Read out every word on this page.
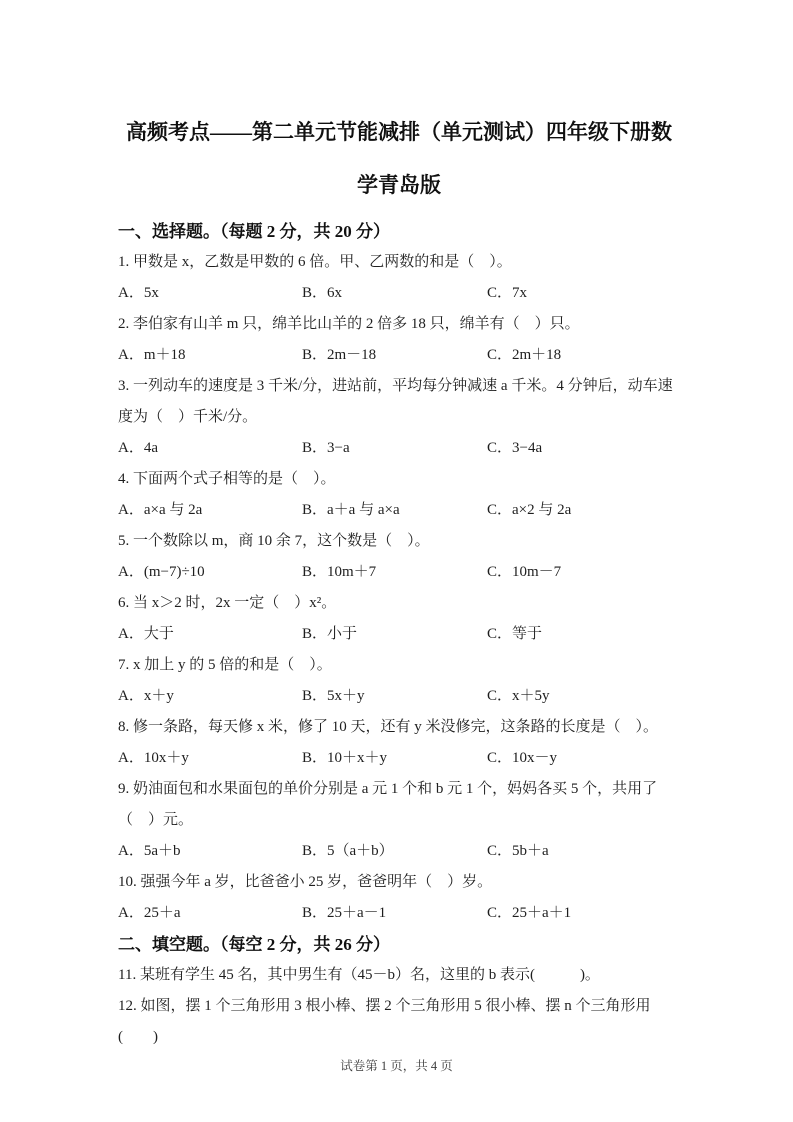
高频考点——第二单元节能减排（单元测试）四年级下册数学青岛版
一、选择题。（每题 2 分，共 20 分）
1. 甲数是 x，乙数是甲数的 6 倍。甲、乙两数的和是（　）。
A．5x	B．6x	C．7x
2. 李伯家有山羊 m 只，绵羊比山羊的 2 倍多 18 只，绵羊有（　）只。
A．m＋18	B．2m－18	C．2m＋18
3. 一列动车的速度是 3 千米/分，进站前，平均每分钟减速 a 千米。4 分钟后，动车速度为（　）千米/分。
A．4a	B．3−a	C．3−4a
4. 下面两个式子相等的是（　）。
A．a×a 与 2a	B．a＋a 与 a×a	C．a×2 与 2a
5. 一个数除以 m，商 10 余 7，这个数是（　）。
A．(m−7)÷10	B．10m＋7	C．10m－7
6. 当 x＞2 时，2x 一定（　）x²。
A．大于	B．小于	C．等于
7. x 加上 y 的 5 倍的和是（　）。
A．x＋y	B．5x＋y	C．x＋5y
8. 修一条路，每天修 x 米，修了 10 天，还有 y 米没修完，这条路的长度是（　）。
A．10x＋y	B．10＋x＋y	C．10x－y
9. 奶油面包和水果面包的单价分别是 a 元 1 个和 b 元 1 个，妈妈各买 5 个，共用了（　）元。
A．5a＋b	B．5（a＋b）	C．5b＋a
10. 强强今年 a 岁，比爸爸小 25 岁，爸爸明年（　）岁。
A．25＋a	B．25＋a－1	C．25＋a＋1
二、填空题。（每空 2 分，共 26 分）
11. 某班有学生 45 名，其中男生有（45－b）名，这里的 b 表示(　　　)。
12. 如图，摆 1 个三角形用 3 根小棒、摆 2 个三角形用 5 很小棒、摆 n 个三角形用(　　)
试卷第 1 页，共 4 页
